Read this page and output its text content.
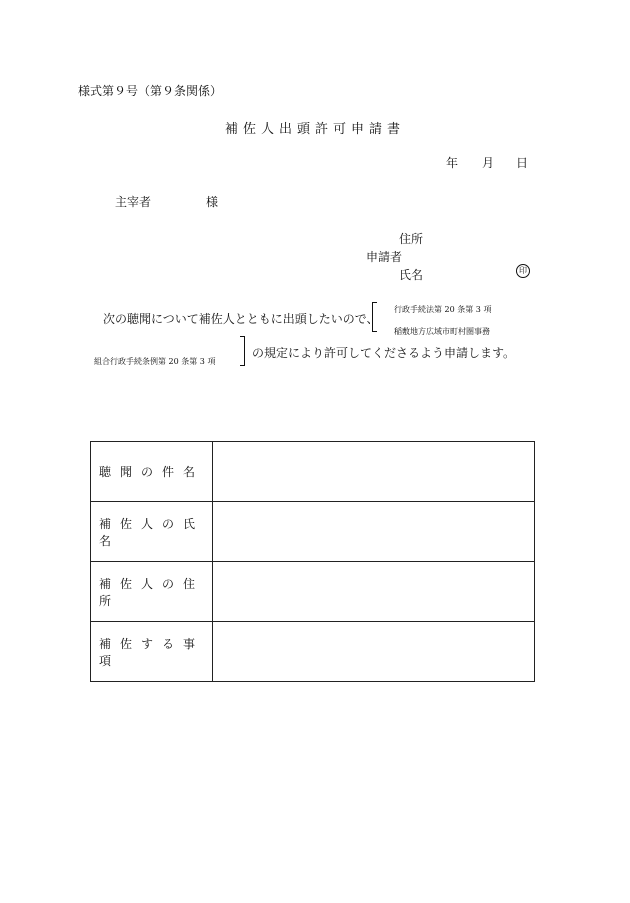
様式第９号（第９条関係）
補佐人出頭許可申請書
年 月 日
主宰者	様
住所
申請者
氏名	印
次の聴聞について補佐人とともに出頭したいので、
行政手続法第 20 条第 3 項
稲敷地方広域市町村圏事務
組合行政手続条例第 20 条第 3 項
の規定により許可してくださるよう申請します。
聴聞の件名	
補佐人の氏名	
補佐人の住所	
補佐する事項	
